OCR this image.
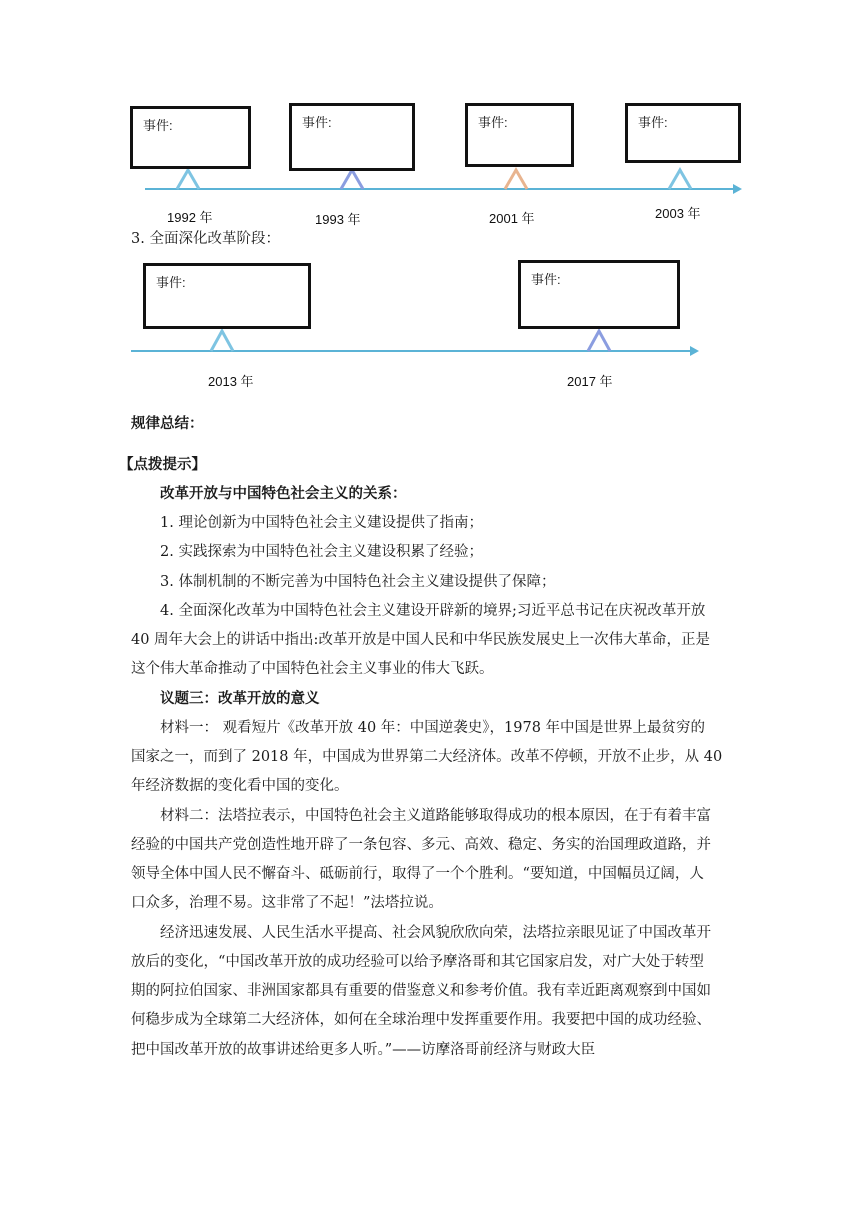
事件:	事件:	事件:	事件:
1992 年	1993 年	2001 年	2003 年
3. 全面深化改革阶段：
事件:	事件:
2013 年	2017 年
规律总结：
【点拨提示】
改革开放与中国特色社会主义的关系：
1. 理论创新为中国特色社会主义建设提供了指南；
2. 实践探索为中国特色社会主义建设积累了经验；
3. 体制机制的不断完善为中国特色社会主义建设提供了保障；
4. 全面深化改革为中国特色社会主义建设开辟新的境界;习近平总书记在庆祝改革开放
40 周年大会上的讲话中指出:改革开放是中国人民和中华民族发展史上一次伟大革命，正是
这个伟大革命推动了中国特色社会主义事业的伟大飞跃。
议题三：改革开放的意义
材料一： 观看短片《改革开放 40 年：中国逆袭史》，1978 年中国是世界上最贫穷的
国家之一，而到了 2018 年，中国成为世界第二大经济体。改革不停顿，开放不止步，从 40
年经济数据的变化看中国的变化。
材料二：法塔拉表示，中国特色社会主义道路能够取得成功的根本原因，在于有着丰富
经验的中国共产党创造性地开辟了一条包容、多元、高效、稳定、务实的治国理政道路，并
领导全体中国人民不懈奋斗、砥砺前行，取得了一个个胜利。“要知道，中国幅员辽阔，人
口众多，治理不易。这非常了不起！”法塔拉说。
经济迅速发展、人民生活水平提高、社会风貌欣欣向荣，法塔拉亲眼见证了中国改革开
放后的变化，“中国改革开放的成功经验可以给予摩洛哥和其它国家启发，对广大处于转型
期的阿拉伯国家、非洲国家都具有重要的借鉴意义和参考价值。我有幸近距离观察到中国如
何稳步成为全球第二大经济体，如何在全球治理中发挥重要作用。我要把中国的成功经验、
把中国改革开放的故事讲述给更多人听。”——访摩洛哥前经济与财政大臣
